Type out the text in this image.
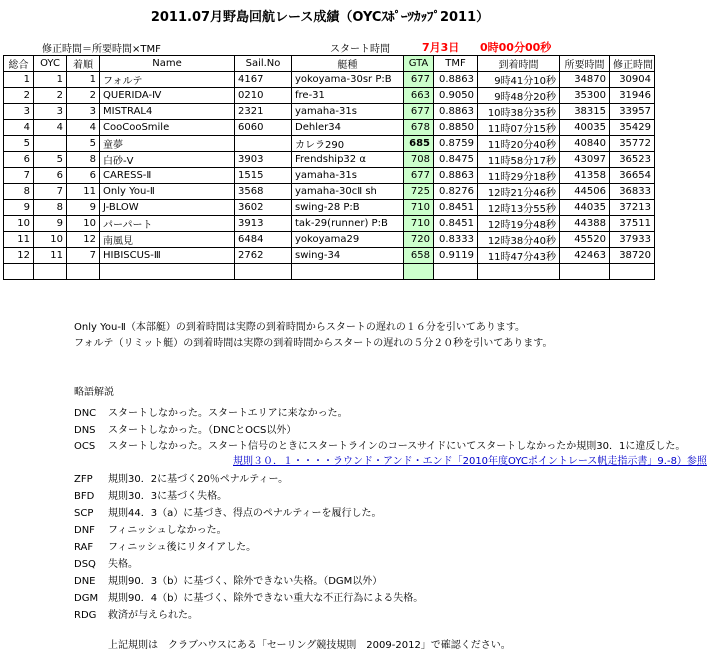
2011.07月野島回航レース成績（OYCｽﾎﾟｰﾂｶｯﾌﾟ2011）
修正時間＝所要時間×TMF	スタート時間	7月3日 0時00分00秒
総合	OYC	着順	Name	Sail.No	艇種	GTA	TMF	到着時間	所要時間	修正時間
1	1	1	フォルテ	4167	yokoyama-30sr P:B	677	0.8863	9時41分10秒	34870	30904
2	2	2	QUERIDA-Ⅳ	0210	fre-31	663	0.9050	9時48分20秒	35300	31946
3	3	3	MISTRAL4	2321	yamaha-31s	677	0.8863	10時38分35秒	38315	33957
4	4	4	CooCooSmile	6060	Dehler34	678	0.8850	11時07分15秒	40035	35429
5		5	童夢		カレラ290	685	0.8759	11時20分40秒	40840	35772
6	5	8	白砂-Ⅴ	3903	Frendship32 α	708	0.8475	11時58分17秒	43097	36523
7	6	6	CARESS-Ⅱ	1515	yamaha-31s	677	0.8863	11時29分18秒	41358	36654
8	7	11	Only You-Ⅱ	3568	yamaha-30cⅡ sh	725	0.8276	12時21分46秒	44506	36833
9	8	9	J-BLOW	3602	swing-28 P:B	710	0.8451	12時13分55秒	44035	37213
10	9	10	パーパート	3913	tak-29(runner) P:B	710	0.8451	12時19分48秒	44388	37511
11	10	12	南風見	6484	yokoyama29	720	0.8333	12時38分40秒	45520	37933
12	11	7	HIBISCUS-Ⅲ	2762	swing-34	658	0.9119	11時47分43秒	42463	38720

Only You-Ⅱ（本部艇）の到着時間は実際の到着時間からスタートの遅れの１６分を引いてあります。
フォルテ（リミット艇）の到着時間は実際の到着時間からスタートの遅れの５分２０秒を引いてあります。
略語解説
DNC スタートしなかった。スタートエリアに来なかった。
DNS スタートしなかった。（DNCとOCS以外）
OCS スタートしなかった。スタート信号のときにスタートラインのコースサイドにいてスタートしなかったか規則30．1に違反した。
ZFP 規則30．2に基づく20％ペナルティー。
BFD 規則30．3に基づく失格。
SCP 規則44．3（a）に基づき、得点のペナルティーを履行した。
DNF フィニッシュしなかった。
RAF フィニッシュ後にリタイアした。
DSQ 失格。
DNE 規則90．3（b）に基づく、除外できない失格。（DGM以外）
DGM 規則90．4（b）に基づく、除外できない重大な不正行為による失格。
RDG 救済が与えられた。
規則３０．１・・・・ラウンド・アンド・エンド「2010年度OYCポイントレース帆走指示書」9.-8）参照
上記規則は　クラブハウスにある「セーリング競技規則　2009-2012」で確認ください。
